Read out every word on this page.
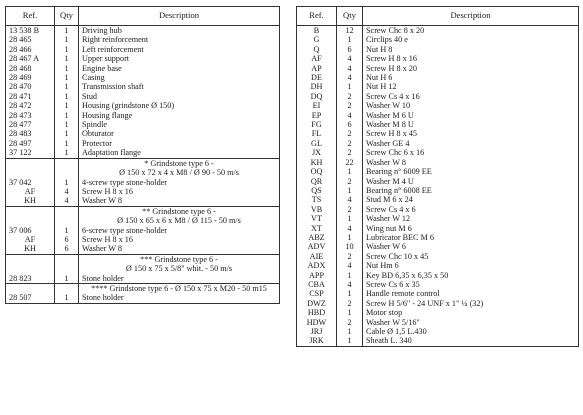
Ref.	Qty	Description

13 538 B	1	Driving hub
28 465	1	Right reinforcement
28 466	1	Left reinforcement
28 467 A	1	Upper support
28 468	1	Engine base
28 469	1	Casing
28 470	1	Transmission shaft
28 471	1	Stud
28 472	1	Housing (grindstone Ø 150)
28 473	1	Housing flange
28 477	1	Spindle
28 483	1	Obturator
28 497	1	Protector
37 122	1	Adaptation flange

		* Grindstone type 6 -
		Ø 150 x 72 x 4 x M8 / Ø 90 - 50 m/s

37 042	1	4-screw type stone-holder
AF	4	Screw H 8 x 16
KH	4	Washer W 8

		** Grindstone type 6 -
		Ø 150 x 65 x 6 x M8 / Ø 115 - 50 m/s

37 006	1	6-screw type stone-holder
AF	6	Screw H 8 x 16
KH	6	Washer W 8

		*** Grindstone type 6 -
		Ø 150 x 75 x 5/8" whit. - 50 m/s
28 823	1	Stone holder

		**** Grindstone type 6 - Ø 150 x 75 x M20 - 50 m15
28 507	1	Stone holder

Ref.	Qty	Description

B	12	Screw Chc 8 x 20
G	1	Circlips 40 e
Q	6	Nut H 8
AF	4	Screw H 8 x 16
AP	4	Screw H 8 x 20
DE	4	Nut H 6
DH	1	Nut H 12
DQ	2	Screw Cs 4 x 16
EI	2	Washer W 10
EP	4	Washer M 6 U
FG	6	Washer M 8 U
FL	2	Screw H 8 x 45
GL	2	Washer GE 4
JX	2	Screw Chc 6 x 16
KH	22	Washer W 8
OQ	1	Bearing n° 6009 EE
QR	2	Washer M 4 U
QS	1	Bearing n° 6008 EE
TS	4	Stud M 6 x 24
VB	2	Screw Cs 4 x 6
VT	1	Washer W 12
XT	4	Wing nut M 6
ABZ	1	Lubricator BEC M 6
ADV	10	Washer W 6
AIE	2	Screw Chc 10 x 45
ADX	4	Nut Hm 6
APP	1	Key BD 6,35 x 6,35 x 50
CBA	4	Screw Cs 6 x 35
CSP	1	Handle remote control
DWZ	2	Screw H 5/6" - 24 UNF x 1" ¼ (32)
HBD	1	Motor stop
HDW	2	Washer W 5/16"
JRJ	1	Cable Ø 1,5 L.430
JRK	1	Sheath L. 340
